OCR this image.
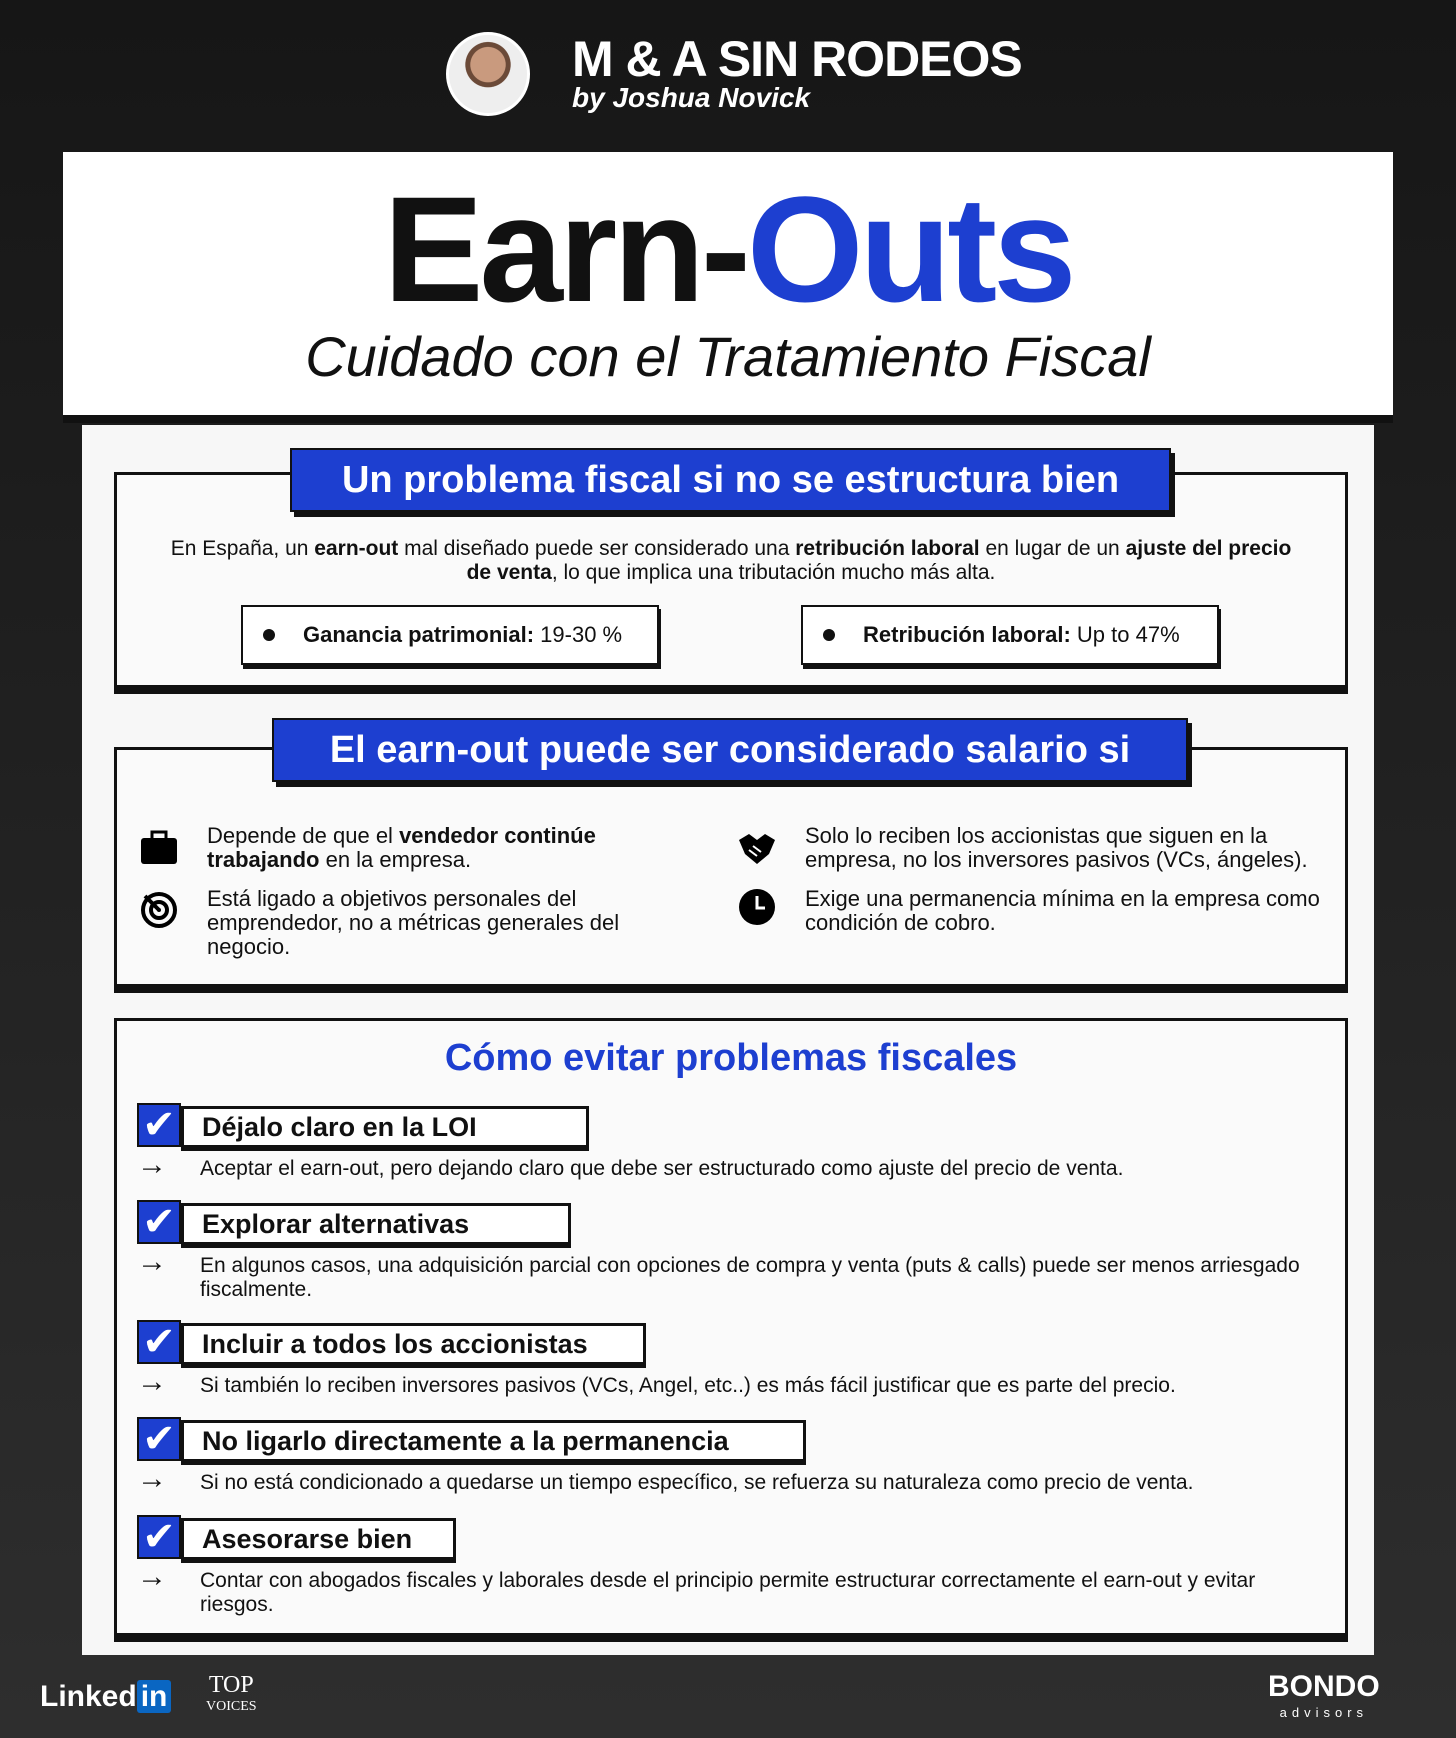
M & A SIN RODEOS
by Joshua Novick
Earn-Outs
Cuidado con el Tratamiento Fiscal
En España, un earn-out mal diseñado puede ser considerado una retribución laboral en lugar de un ajuste del precio de venta, lo que implica una tributación mucho más alta.
Ganancia patrimonial: 19-30 %	Retribución laboral: Up to 47%
Un problema fiscal si no se estructura bien
Depende de que el vendedor continúe trabajando en la empresa.
Está ligado a objetivos personales del emprendedor, no a métricas generales del negocio.
Solo lo reciben los accionistas que siguen en la empresa, no los inversores pasivos (VCs, ángeles).
Exige una permanencia mínima en la empresa como condición de cobro.
El earn-out puede ser considerado salario si
Cómo evitar problemas fiscales
✔ Déjalo claro en la LOI
→ Aceptar el earn-out, pero dejando claro que debe ser estructurado como ajuste del precio de venta.
✔ Explorar alternativas
→ En algunos casos, una adquisición parcial con opciones de compra y venta (puts & calls) puede ser menos arriesgado fiscalmente.
✔ Incluir a todos los accionistas
→ Si también lo reciben inversores pasivos (VCs, Angel, etc..) es más fácil justificar que es parte del precio.
✔ No ligarlo directamente a la permanencia
→ Si no está condicionado a quedarse un tiempo específico, se refuerza su naturaleza como precio de venta.
✔ Asesorarse bien
→ Contar con abogados fiscales y laborales desde el principio permite estructurar correctamente el earn-out y evitar riesgos.
Linked in TOP
VOICES
BONDO
advisors
